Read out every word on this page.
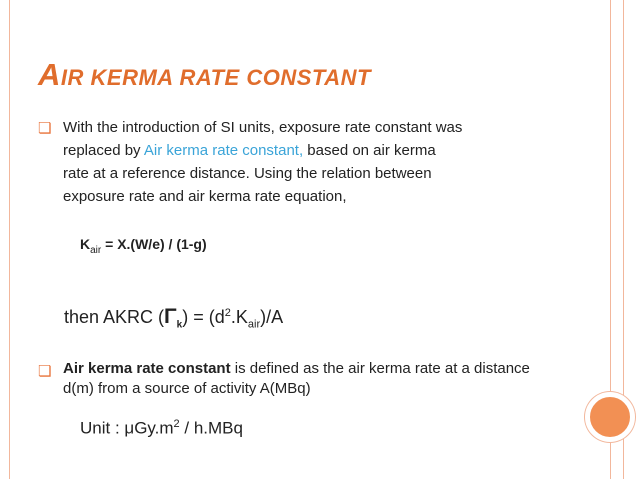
AIR KERMA RATE CONSTANT
❏ With the introduction of SI units, exposure rate constant was
replaced by Air kerma rate constant, based on air kerma
rate at a reference distance. Using the relation between
exposure rate and air kerma rate equation,
$K_{air} = X.(W/e) / (1-g)$
then AKRC $(\Gamma_k) = (d^2.K_{air})/A$
❏ Air kerma rate constant is defined as the air kerma rate at a distance
d(m) from a source of activity A(MBq)
Unit : $\mu Gy.m^2 / h.MBq$
